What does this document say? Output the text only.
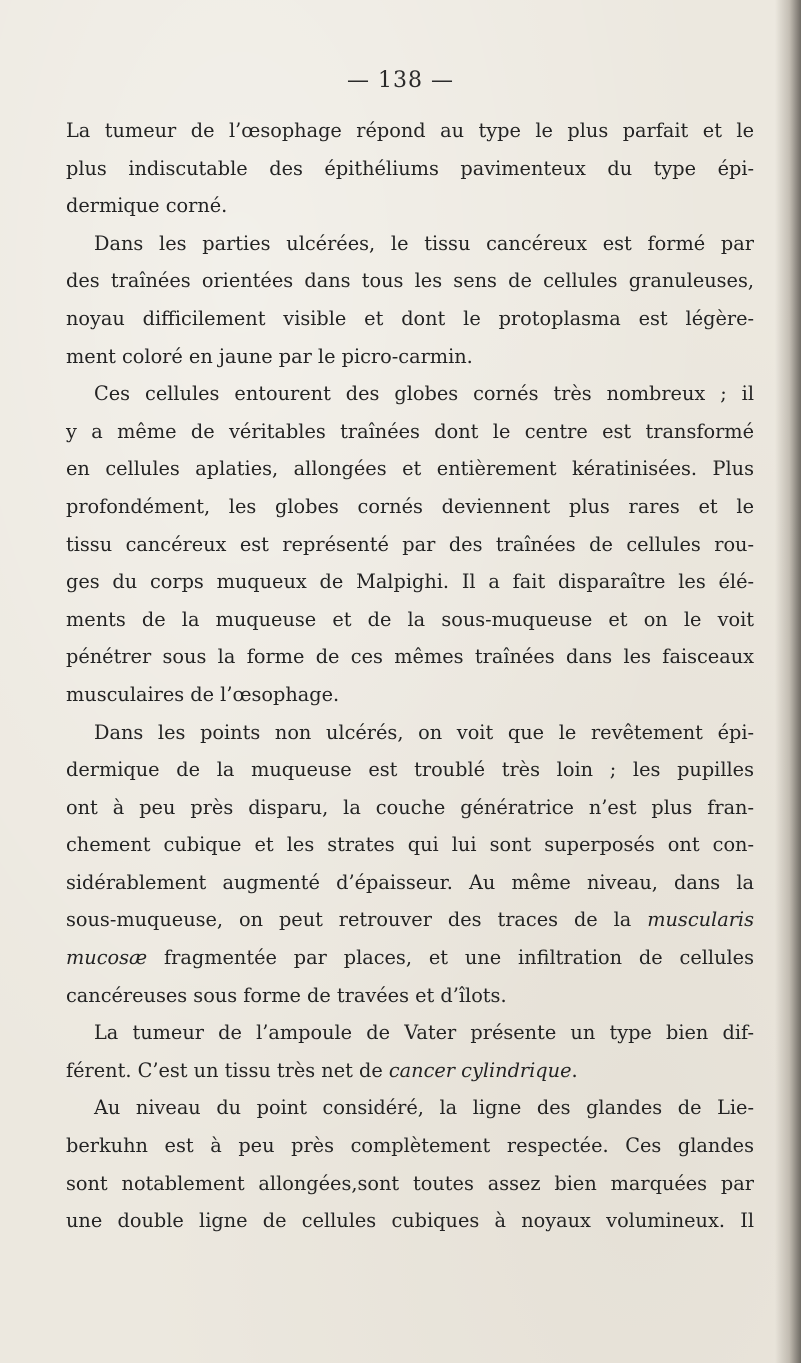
— 138 —

La tumeur de l’œsophage répond au type le plus parfait et le
plus indiscutable des épithéliums pavimenteux du type épi-
dermique corné.
Dans les parties ulcérées, le tissu cancéreux est formé par
des traînées orientées dans tous les sens de cellules granuleuses,
noyau difficilement visible et dont le protoplasma est légère-
ment coloré en jaune par le picro-carmin.
Ces cellules entourent des globes cornés très nombreux ; il
y a même de véritables traînées dont le centre est transformé
en cellules aplaties, allongées et entièrement kératinisées. Plus
profondément, les globes cornés deviennent plus rares et le
tissu cancéreux est représenté par des traînées de cellules rou-
ges du corps muqueux de Malpighi. Il a fait disparaître les élé-
ments de la muqueuse et de la sous-muqueuse et on le voit
pénétrer sous la forme de ces mêmes traînées dans les faisceaux
musculaires de l’œsophage.
Dans les points non ulcérés, on voit que le revêtement épi-
dermique de la muqueuse est troublé très loin ; les pupilles
ont à peu près disparu, la couche génératrice n’est plus fran-
chement cubique et les strates qui lui sont superposés ont con-
sidérablement augmenté d’épaisseur. Au même niveau, dans la
sous-muqueuse, on peut retrouver des traces de la muscularis
mucosæ fragmentée par places, et une infiltration de cellules
cancéreuses sous forme de travées et d’îlots.
La tumeur de l’ampoule de Vater présente un type bien dif-
férent. C’est un tissu très net de cancer cylindrique.
Au niveau du point considéré, la ligne des glandes de Lie-
berkuhn est à peu près complètement respectée. Ces glandes
sont notablement allongées,sont toutes assez bien marquées par
une double ligne de cellules cubiques à noyaux volumineux. Il
